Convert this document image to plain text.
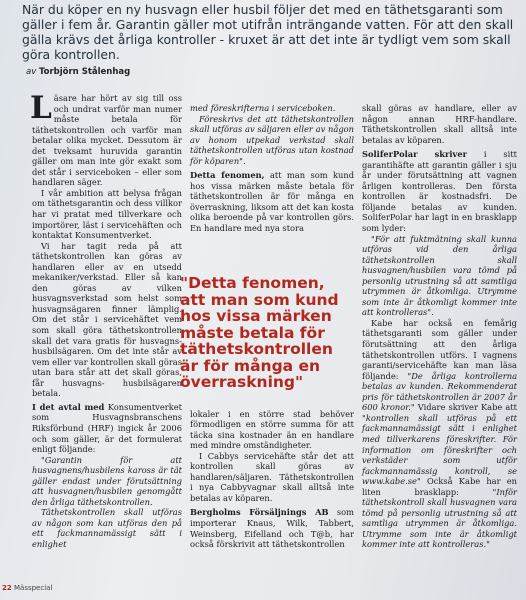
När du köper en ny husvagn eller husbil följer det med en täthetsgaranti som gäller i fem år. Garantin gäller mot utifrån inträngande vatten. För att den skall gälla krävs det årliga kontroller - kruxet är att det inte är tydligt vem som skall göra kontrollen.

av Torbjörn Stålenhag
L äsare har hört av sig till oss och undrat varför man numer måste betala för täthetskontrollen och varför man betalar olika mycket. Dessutom är det tveksamt huruvida garantin gäller om man inte gör exakt som det står i serviceboken – eller som handlaren säger.

I vår ambition att belysa frågan om täthetsgarantin och dess villkor har vi pratat med tillverkare och importörer, läst i servicehäften och kontaktat Konsumentverket.

Vi har tagit reda på att täthetskontrollen kan göras av handlaren eller av en utsedd mekaniker/verkstad. Eller så kan den göras av vilken husvagnsverkstad som helst som husvagnsägaren finner lämplig. Om det står i servicehäftet vem som skall göra täthetskontrollen skall det vara gratis för husvagns- husbilsägaren. Om det inte står av vem eller var kontrollen skall göras utan bara står att det skall göras, får husvagns- husbilsägaren betala.

I det avtal med Konsumentverket som Husvagnsbranschens Riksförbund (HRF) ingick år 2006 och som gäller, är det formulerat enligt följande:

"Garantin för att husvagnens/husbilens kaross är tät gäller endast under förutsättning att husvagnen/husbilen genomgått den årliga täthetskontrollen.

Täthetskontrollen skall utföras av någon som kan utföras den på ett fackmannamässigt sätt i enlighet

med föreskrifterna i serviceboken.

Föreskrivs det att täthetskontrollen skall utföras av säljaren eller av någon av honom utpekad verkstad skall täthetskontrollen utföras utan kostnad för köparen".

Detta fenomen, att man som kund hos vissa märken måste betala för täthetskontrollen är för många en överraskning, liksom att det kan kosta olika beroende på var kontrollen görs. En handlare med nya stora

lokaler i en större stad behöver förmodligen en större summa för att täcka sina kostnader än en handlare med mindre omständigheter.

I Cabbys servicehäfte står det att kontrollen skall göras av handlaren/säljaren. Täthetskontrollen i nya Cabbyvagnar skall alltså inte betalas av köparen.

Bergholms Försäljnings AB som importerar Knaus, Wilk, Tabbert, Weinsberg, Eifelland och T@b, har också förskrivit att täthetskontrollen

"Detta fenomen,
att man som kund
hos vissa märken
måste betala för
täthetskontrollen
är för många en
överraskning"

skall göras av handlare, eller av någon annan HRF-handlare. Täthetskontrollen skall alltså inte betalas av köparen.

SoliferPolar skriver i sitt garantihäfte att garantin gäller i sju år under förutsättning att vagnen årligen kontrolleras. Den första kontrollen är kostnadsfri. De följande betalas av kunden. SoliferPolar har lagt in en brasklapp som lyder:

"För att fuktmätning skall kunna utföras vid den årliga täthetskontrollen skall husvagnen/husbilen vara tömd på personlig utrustning så att samtliga utrymmen är åtkomliga. Utrymme som inte är åtkomligt kommer inte att kontrolleras".

Kabe har också en femårig täthetsgaranti som gäller under förutsättning att den årliga täthetskontrollen utförs. I vagnens garanti/servicehäfte kan man läsa följande: "De årliga kontrollerna betalas av kunden. Rekommenderat pris för täthetskontrollen är 2007 år 600 kronor." Vidare skriver Kabe att "kontrollen skall utföras på ett fackmannamässigt sätt i enlighet med tillverkarens föreskrifter. För information om föreskrifter och verkstäder som utför fackmannamässig kontroll, se www.kabe.se" Också Kabe har en liten brasklapp:	"Inför täthetskontroll skall husvagnen vara tömd på personlig utrustning så att samtliga utrymmen är åtkomliga. Utrymme som inte är åtkomligt kommer inte att kontrolleras."

22 Mässpecial
